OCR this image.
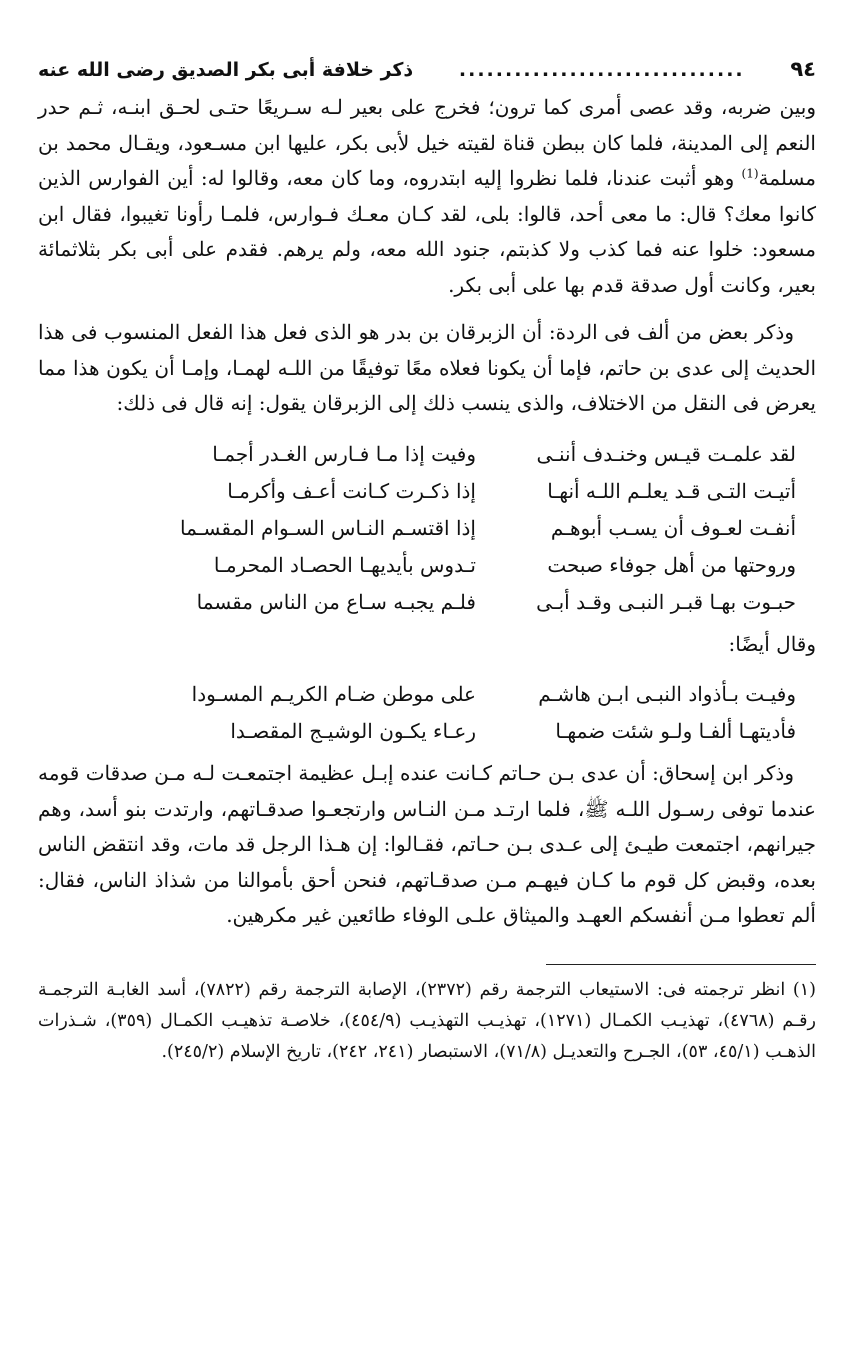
٩٤
...............................
ذكر خلافة أبى بكر الصديق رضى الله عنه

وبين ضربه، وقد عصى أمرى كما ترون؛ فخرج على بعير لـه سـريعًا حتـى لحـق ابنـه، ثـم حدر النعم إلى المدينة، فلما كان ببطن قناة لقيته خيل لأبى بكر، عليها ابن مسـعود، ويقـال محمد بن مسلمة$^{(1)}$ وهو أثبت عندنا، فلما نظروا إليه ابتدروه، وما كان معه، وقالوا له: أين الفوارس الذين كانوا معك؟ قال: ما معى أحد، قالوا: بلى، لقد كـان معـك فـوارس، فلمـا رأونا تغيبوا، فقال ابن مسعود: خلوا عنه فما كذب ولا كذبتم، جنود الله معه، ولم يرهم. فقدم على أبى بكر بثلاثمائة بعير، وكانت أول صدقة قدم بها على أبى بكر.

وذكر بعض من ألف فى الردة: أن الزبرقان بن بدر هو الذى فعل هذا الفعل المنسوب فى هذا الحديث إلى عدى بن حاتم، فإما أن يكونا فعلاه معًا توفيقًا من اللـه لهمـا، وإمـا أن يكون هذا مما يعرض فى النقل من الاختلاف، والذى ينسب ذلك إلى الزبرقان يقول: إنه قال فى ذلك:

لقد علمـت قيـس وخنـدف أننـى
وفيت إذا مـا فـارس الغـدر أجمـا
أتيـت التـى قـد يعلـم اللـه أنهـا
إذا ذكـرت كـانت أعـف وأكرمـا
أنفـت لعـوف أن يسـب أبوهـم
إذا اقتسـم النـاس السـوام المقسـما
وروحتها من أهل جوفاء صبحت
تـدوس بأيديهـا الحصـاد المحرمـا
حبـوت بهـا قبـر النبـى وقـد أبـى
فلـم يجبـه سـاع من الناس مقسما

وقال أيضًا:

وفيـت بـأذواد النبـى ابـن هاشـم
على موطن ضـام الكريـم المسـودا
فأديتهـا ألفـا ولـو شئت ضمهـا
رعـاء يكـون الوشيـج المقصـدا

وذكر ابن إسحاق: أن عدى بـن حـاتم كـانت عنده إبـل عظيمة اجتمعـت لـه مـن صدقات قومه عندما توفى رسـول اللـه ﷺ، فلما ارتـد مـن النـاس وارتجعـوا صدقـاتهم، وارتدت بنو أسد، وهم جيرانهم، اجتمعت طيـئ إلى عـدى بـن حـاتم، فقـالوا: إن هـذا الرجل قد مات، وقد انتقض الناس بعده، وقبض كل قوم ما كـان فيهـم مـن صدقـاتهم، فنحن أحق بأموالنا من شذاذ الناس، فقال: ألم تعطوا مـن أنفسكم العهـد والميثاق علـى الوفاء طائعين غير مكرهين.

(١) انظر ترجمته فى: الاستيعاب الترجمة رقم (٢٣٧٢)، الإصابة الترجمة رقم (٧٨٢٢)، أسد الغابـة الترجمـة رقـم (٤٧٦٨)، تهذيـب الكمـال (١٢٧١)، تهذيـب التهذيـب (٤٥٤/٩)، خلاصـة تذهيـب الكمـال (٣٥٩)، شـذرات الذهـب (٤٥/١، ٥٣)، الجـرح والتعديـل (٧١/٨)، الاستبصار (٢٤١، ٢٤٢)، تاريخ الإسلام (٢٤٥/٢).
